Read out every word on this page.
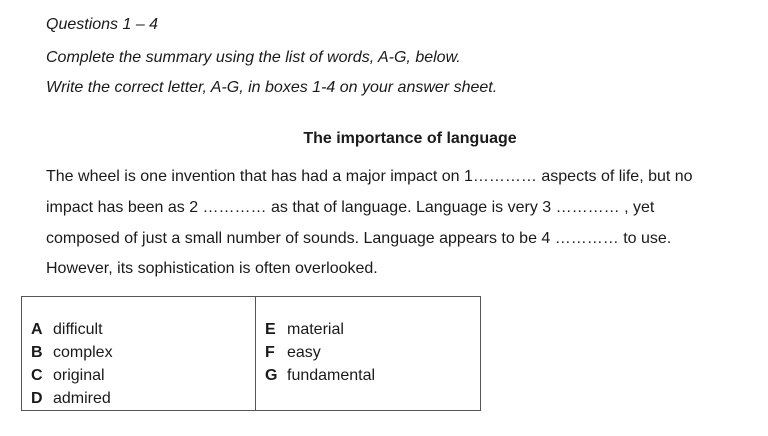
Questions 1 – 4
Complete the summary using the list of words, A-G, below.
Write the correct letter, A-G, in boxes 1-4 on your answer sheet.
The importance of language
The wheel is one invention that has had a major impact on 1………… aspects of life, but no
impact has been as 2 ………… as that of language. Language is very 3 ………… , yet
composed of just a small number of sounds. Language appears to be 4 ………… to use.
However, its sophistication is often overlooked.
A difficult
B complex
C original
D admired

E material
F easy
G fundamental
